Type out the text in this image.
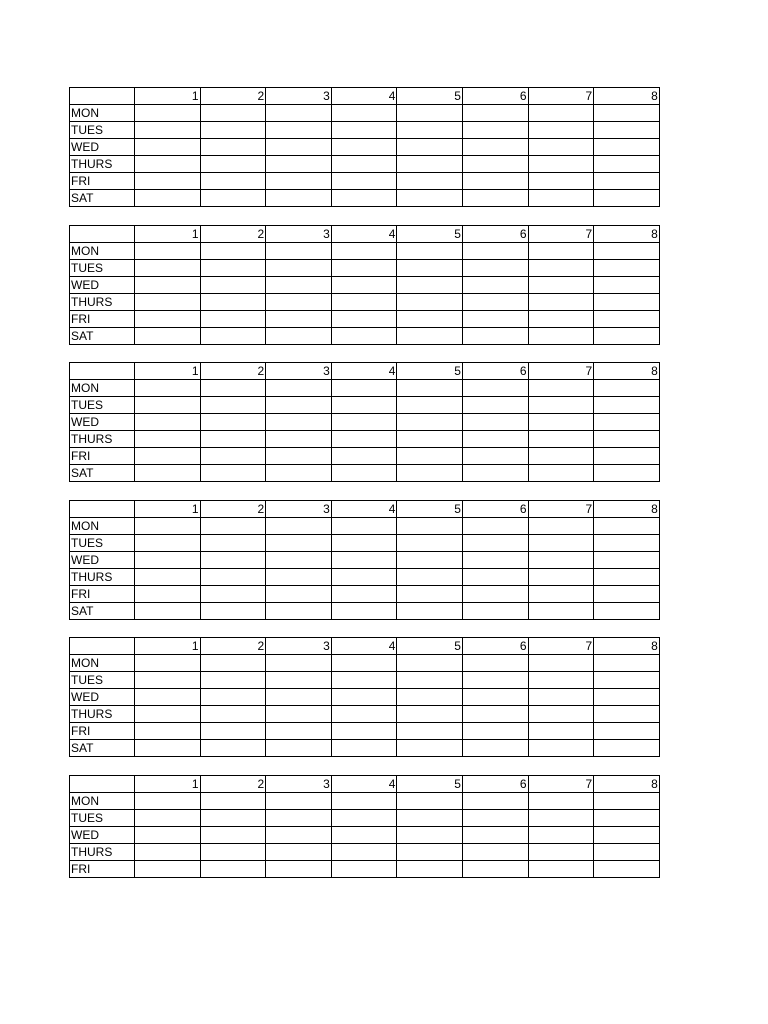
	1	2	3	4	5	6	7	8
MON								
TUES								
WED								
THURS								
FRI								
SAT								
	1	2	3	4	5	6	7	8
MON								
TUES								
WED								
THURS								
FRI								
SAT								
	1	2	3	4	5	6	7	8
MON								
TUES								
WED								
THURS								
FRI								
SAT								
	1	2	3	4	5	6	7	8
MON								
TUES								
WED								
THURS								
FRI								
SAT								
	1	2	3	4	5	6	7	8
MON								
TUES								
WED								
THURS								
FRI								
SAT								
	1	2	3	4	5	6	7	8
MON								
TUES								
WED								
THURS								
FRI								
